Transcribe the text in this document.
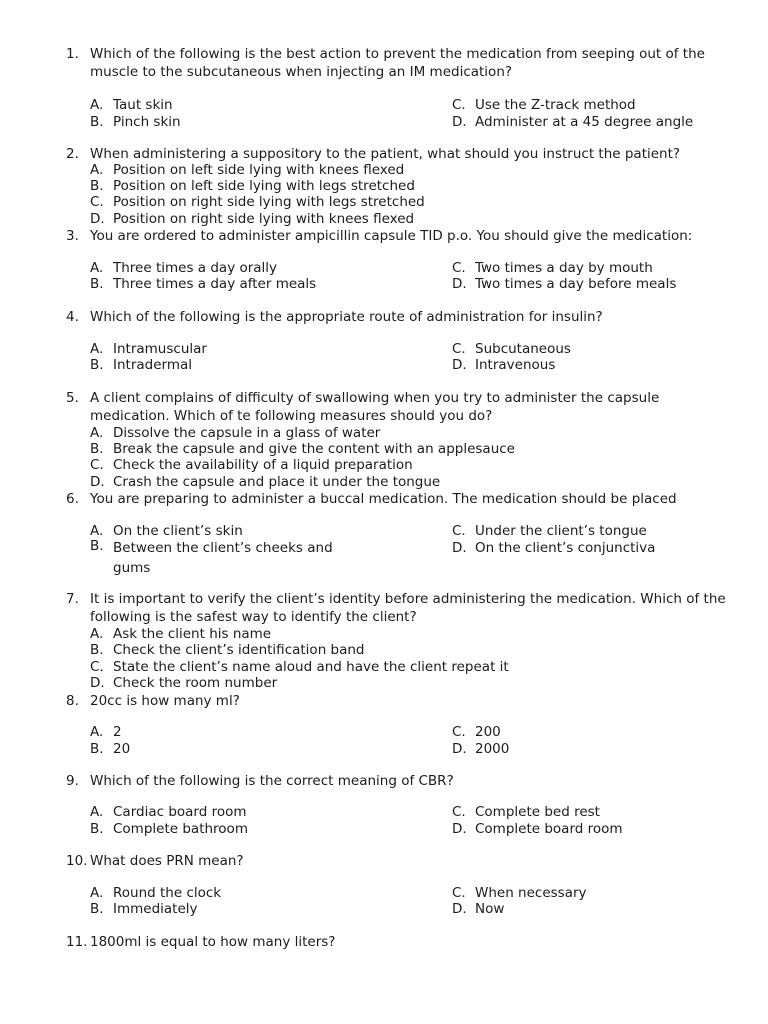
1. Which of the following is the best action to prevent the medication from seeping out of the muscle to the subcutaneous when injecting an IM medication?
A. Taut skin
B. Pinch skin
C. Use the Z-track method
D. Administer at a 45 degree angle
2. When administering a suppository to the patient, what should you instruct the patient?
A. Position on left side lying with knees flexed
B. Position on left side lying with legs stretched
C. Position on right side lying with legs stretched
D. Position on right side lying with knees flexed
3. You are ordered to administer ampicillin capsule TID p.o. You should give the medication:
A. Three times a day orally
B. Three times a day after meals
C. Two times a day by mouth
D. Two times a day before meals
4. Which of the following is the appropriate route of administration for insulin?
A. Intramuscular
B. Intradermal
C. Subcutaneous
D. Intravenous
5. A client complains of difficulty of swallowing when you try to administer the capsule medication. Which of te following measures should you do?
A. Dissolve the capsule in a glass of water
B. Break the capsule and give the content with an applesauce
C. Check the availability of a liquid preparation
D. Crash the capsule and place it under the tongue
6. You are preparing to administer a buccal medication. The medication should be placed
A. On the client’s skin
B. Between the client’s cheeks and gums
C. Under the client’s tongue
D. On the client’s conjunctiva
7. It is important to verify the client’s identity before administering the medication. Which of the following is the safest way to identify the client?
A. Ask the client his name
B. Check the client’s identification band
C. State the client’s name aloud and have the client repeat it
D. Check the room number
8. 20cc is how many ml?
A. 2
B. 20
C. 200
D. 2000
9. Which of the following is the correct meaning of CBR?
A. Cardiac board room
B. Complete bathroom
C. Complete bed rest
D. Complete board room
10. What does PRN mean?
A. Round the clock
B. Immediately
C. When necessary
D. Now
11. 1800ml is equal to how many liters?
